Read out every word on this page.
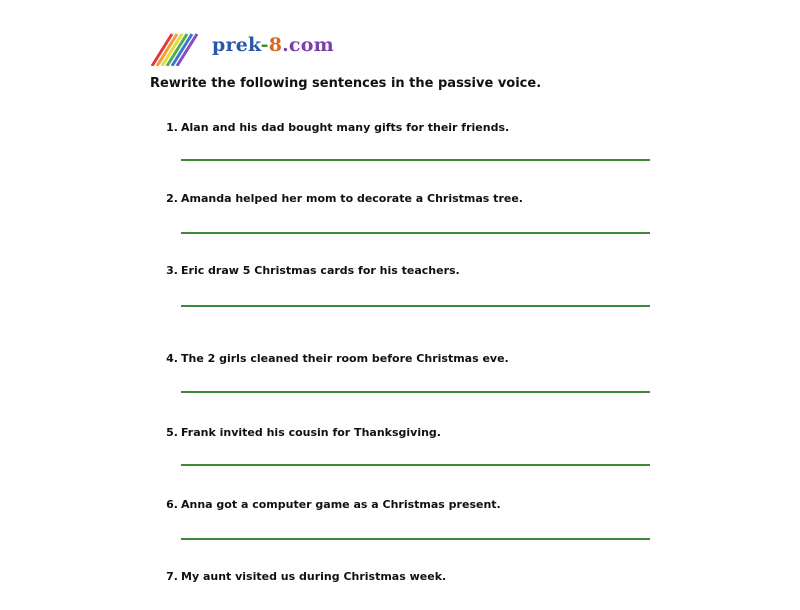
prek-8.com
Rewrite the following sentences in the passive voice.
1. Alan and his dad bought many gifts for their friends.
2. Amanda helped her mom to decorate a Christmas tree.
3. Eric draw 5 Christmas cards for his teachers.
4. The 2 girls cleaned their room before Christmas eve.
5. Frank invited his cousin for Thanksgiving.
6. Anna got a computer game as a Christmas present.
7. My aunt visited us during Christmas week.
